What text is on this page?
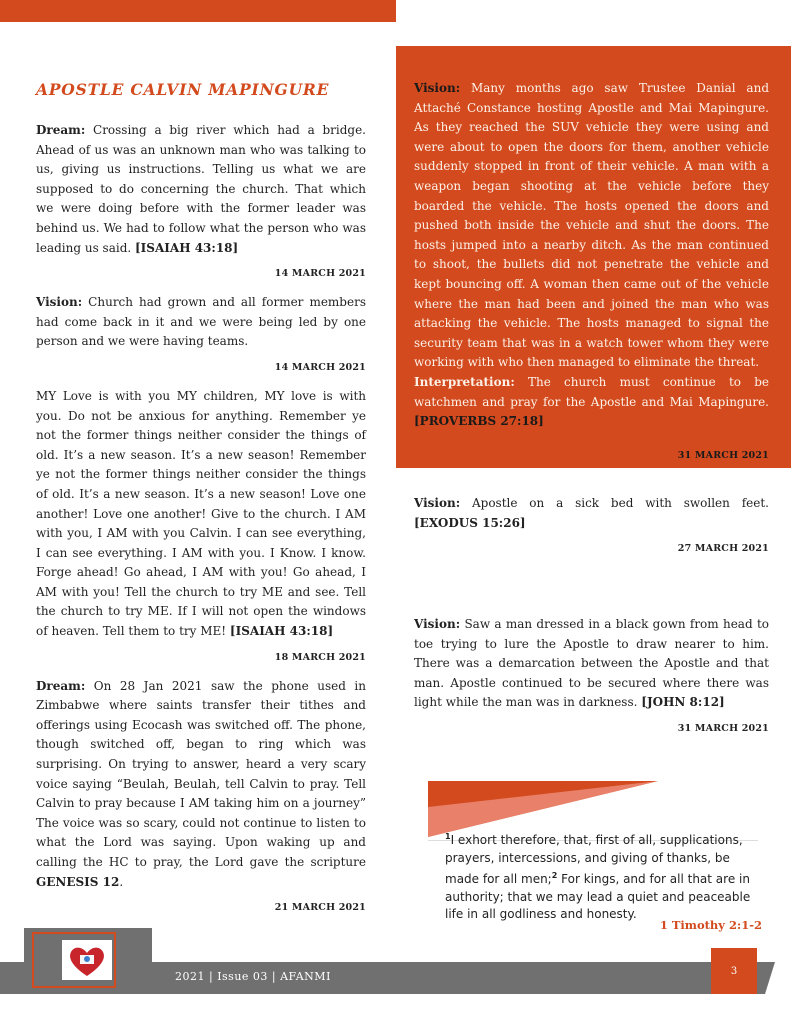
APOSTLE CALVIN MAPINGURE

Dream: Crossing a big river which had a bridge. Ahead of us was an unknown man who was talking to us, giving us instructions. Telling us what we are supposed to do concerning the church. That which we were doing before with the former leader was behind us. We had to follow what the person who was leading us said. [ISAIAH 43:18]

14 MARCH 2021

Vision: Church had grown and all former members had come back in it and we were being led by one person and we were having teams.

14 MARCH 2021

MY Love is with you MY children, MY love is with you. Do not be anxious for anything. Remember ye not the former things neither consider the things of old. It’s a new season. It’s a new season! Remember ye not the former things neither consider the things of old. It’s a new season. It’s a new season! Love one another! Love one another! Give to the church. I AM with you, I AM with you Calvin. I can see everything, I can see everything. I AM with you. I Know. I know. Forge ahead! Go ahead, I AM with you! Go ahead, I AM with you! Tell the church to try ME and see. Tell the church to try ME. If I will not open the windows of heaven. Tell them to try ME! [ISAIAH 43:18]

18 MARCH 2021

Dream: On 28 Jan 2021 saw the phone used in Zimbabwe where saints transfer their tithes and offerings using Ecocash was switched off. The phone, though switched off, began to ring which was surprising. On trying to answer, heard a very scary voice saying “Beulah, Beulah, tell Calvin to pray. Tell Calvin to pray because I AM taking him on a journey” The voice was so scary, could not continue to listen to what the Lord was saying. Upon waking up and calling the HC to pray, the Lord gave the scripture GENESIS 12.

21 MARCH 2021

Vision: Many months ago saw Trustee Danial and Attaché Constance hosting Apostle and Mai Mapingure. As they reached the SUV vehicle they were using and were about to open the doors for them, another vehicle suddenly stopped in front of their vehicle. A man with a weapon began shooting at the vehicle before they boarded the vehicle. The hosts opened the doors and pushed both inside the vehicle and shut the doors. The hosts jumped into a nearby ditch. As the man continued to shoot, the bullets did not penetrate the vehicle and kept bouncing off. A woman then came out of the vehicle where the man had been and joined the man who was attacking the vehicle. The hosts managed to signal the security team that was in a watch tower whom they were working with who then managed to eliminate the threat.
Interpretation: The church must continue to be watchmen and pray for the Apostle and Mai Mapingure. [PROVERBS 27:18]

31 MARCH 2021

Vision: Apostle on a sick bed with swollen feet. [EXODUS 15:26]

27 MARCH 2021

Vision: Saw a man dressed in a black gown from head to toe trying to lure the Apostle to draw nearer to him. There was a demarcation between the Apostle and that man. Apostle continued to be secured where there was light while the man was in darkness. [JOHN 8:12]

31 MARCH 2021
$^1$I exhort therefore, that, first of all, supplications, prayers, intercessions, and giving of thanks, be made for all men;$^2$ For kings, and for all that are in authority; that we may lead a quiet and peaceable life in all godliness and honesty.
1 Timothy 2:1-2
2021 | Issue 03 | AFANMI	3
